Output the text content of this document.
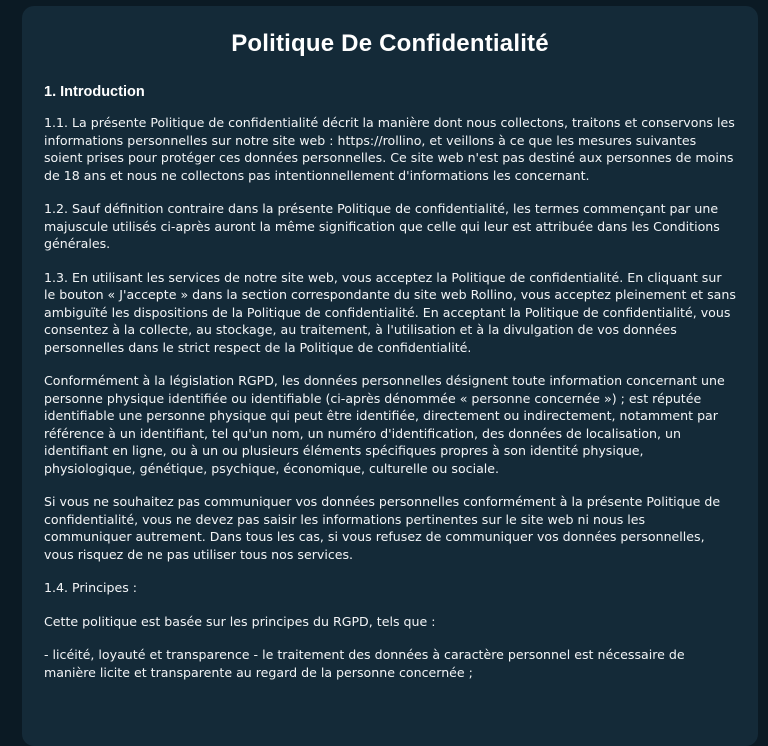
Politique De Confidentialité
1. Introduction

1.1. La présente Politique de confidentialité décrit la manière dont nous collectons, traitons et conservons les informations personnelles sur notre site web : https://rollino, et veillons à ce que les mesures suivantes soient prises pour protéger ces données personnelles. Ce site web n'est pas destiné aux personnes de moins de 18 ans et nous ne collectons pas intentionnellement d'informations les concernant.

1.2. Sauf définition contraire dans la présente Politique de confidentialité, les termes commençant par une majuscule utilisés ci-après auront la même signification que celle qui leur est attribuée dans les Conditions générales.

1.3. En utilisant les services de notre site web, vous acceptez la Politique de confidentialité. En cliquant sur le bouton « J'accepte » dans la section correspondante du site web Rollino, vous acceptez pleinement et sans ambiguïté les dispositions de la Politique de confidentialité. En acceptant la Politique de confidentialité, vous consentez à la collecte, au stockage, au traitement, à l'utilisation et à la divulgation de vos données personnelles dans le strict respect de la Politique de confidentialité.

Conformément à la législation RGPD, les données personnelles désignent toute information concernant une personne physique identifiée ou identifiable (ci-après dénommée « personne concernée ») ; est réputée identifiable une personne physique qui peut être identifiée, directement ou indirectement, notamment par référence à un identifiant, tel qu'un nom, un numéro d'identification, des données de localisation, un identifiant en ligne, ou à un ou plusieurs éléments spécifiques propres à son identité physique, physiologique, génétique, psychique, économique, culturelle ou sociale.

Si vous ne souhaitez pas communiquer vos données personnelles conformément à la présente Politique de confidentialité, vous ne devez pas saisir les informations pertinentes sur le site web ni nous les communiquer autrement. Dans tous les cas, si vous refusez de communiquer vos données personnelles, vous risquez de ne pas utiliser tous nos services.

1.4. Principes :

Cette politique est basée sur les principes du RGPD, tels que :

- licéité, loyauté et transparence - le traitement des données à caractère personnel est nécessaire de manière licite et transparente au regard de la personne concernée ;
